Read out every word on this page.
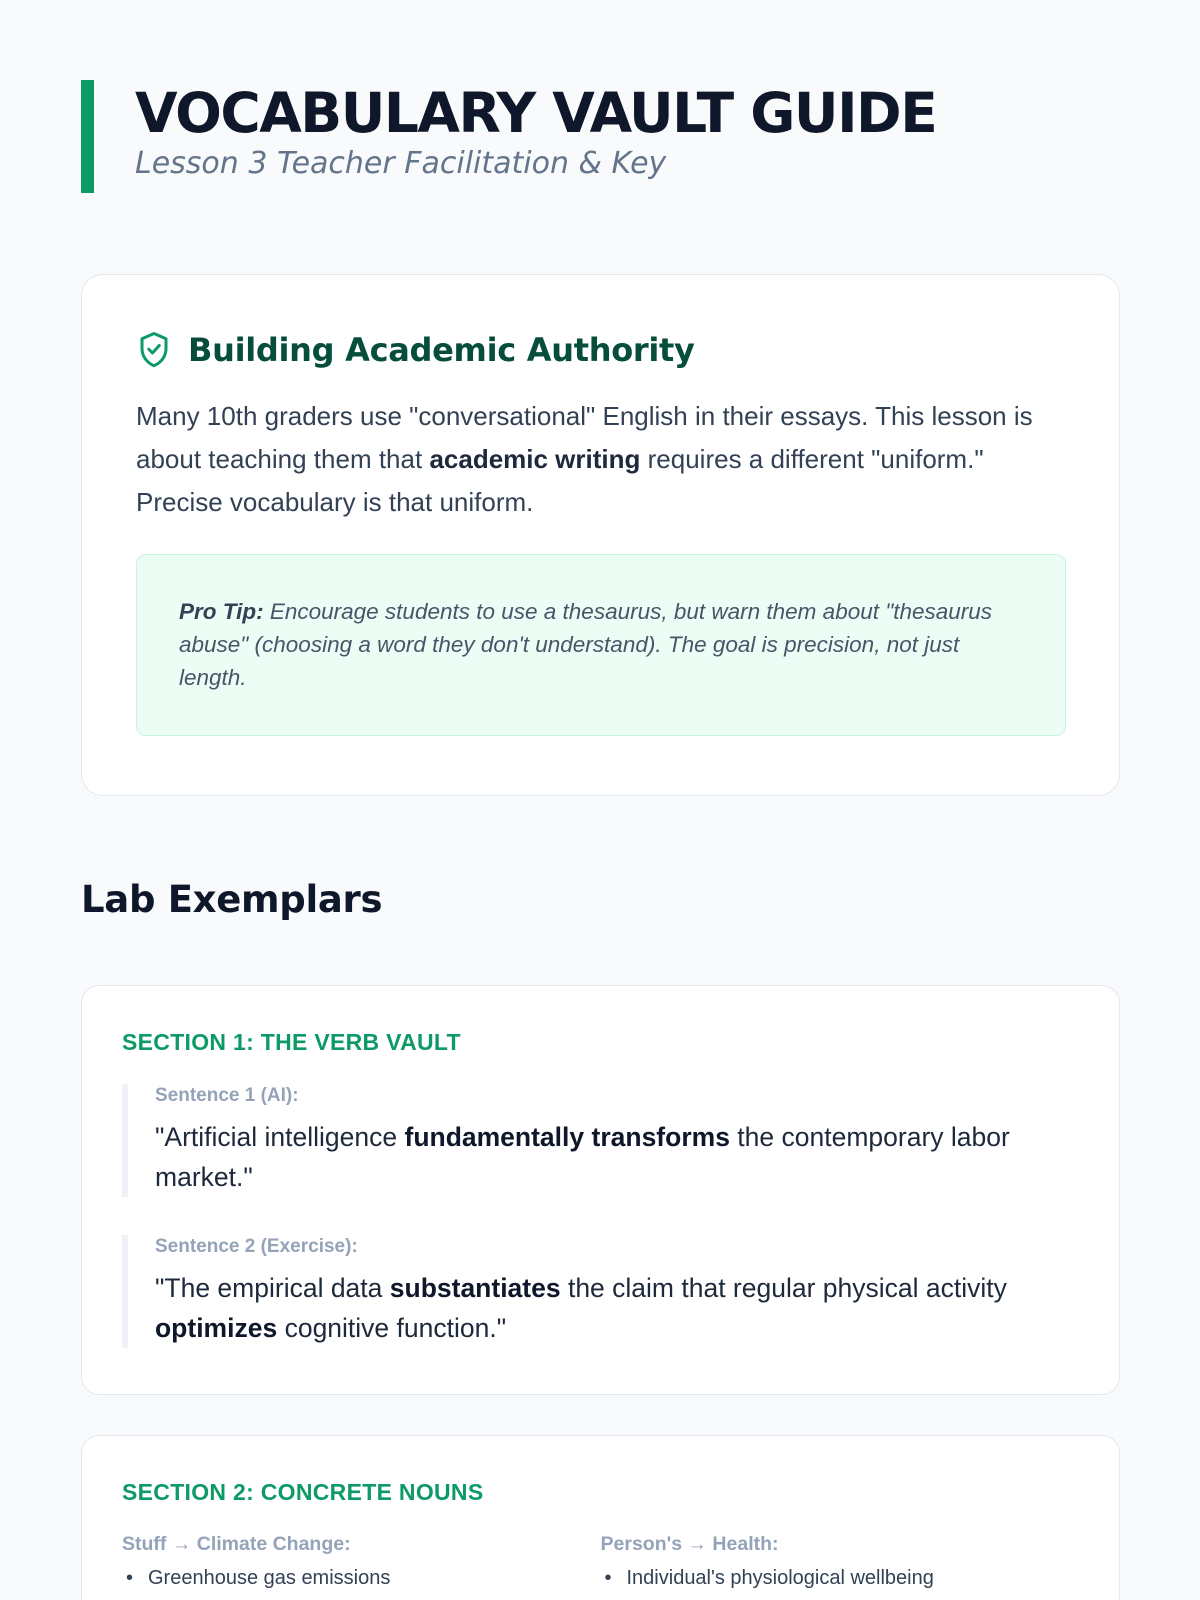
VOCABULARY VAULT GUIDE
Lesson 3 Teacher Facilitation & Key
Building Academic Authority

Many 10th graders use "conversational" English in their essays. This lesson is about teaching them that academic writing requires a different "uniform." Precise vocabulary is that uniform.

Pro Tip: Encourage students to use a thesaurus, but warn them about "thesaurus abuse" (choosing a word they don't understand). The goal is precision, not just length.
Lab Exemplars
SECTION 1: THE VERB VAULT
Sentence 1 (AI):
"Artificial intelligence fundamentally transforms the contemporary labor market."
Sentence 2 (Exercise):
"The empirical data substantiates the claim that regular physical activity optimizes cognitive function."
SECTION 2: CONCRETE NOUNS
Stuff → Climate Change:
• Greenhouse gas emissions
Person's → Health:
• Individual's physiological wellbeing
